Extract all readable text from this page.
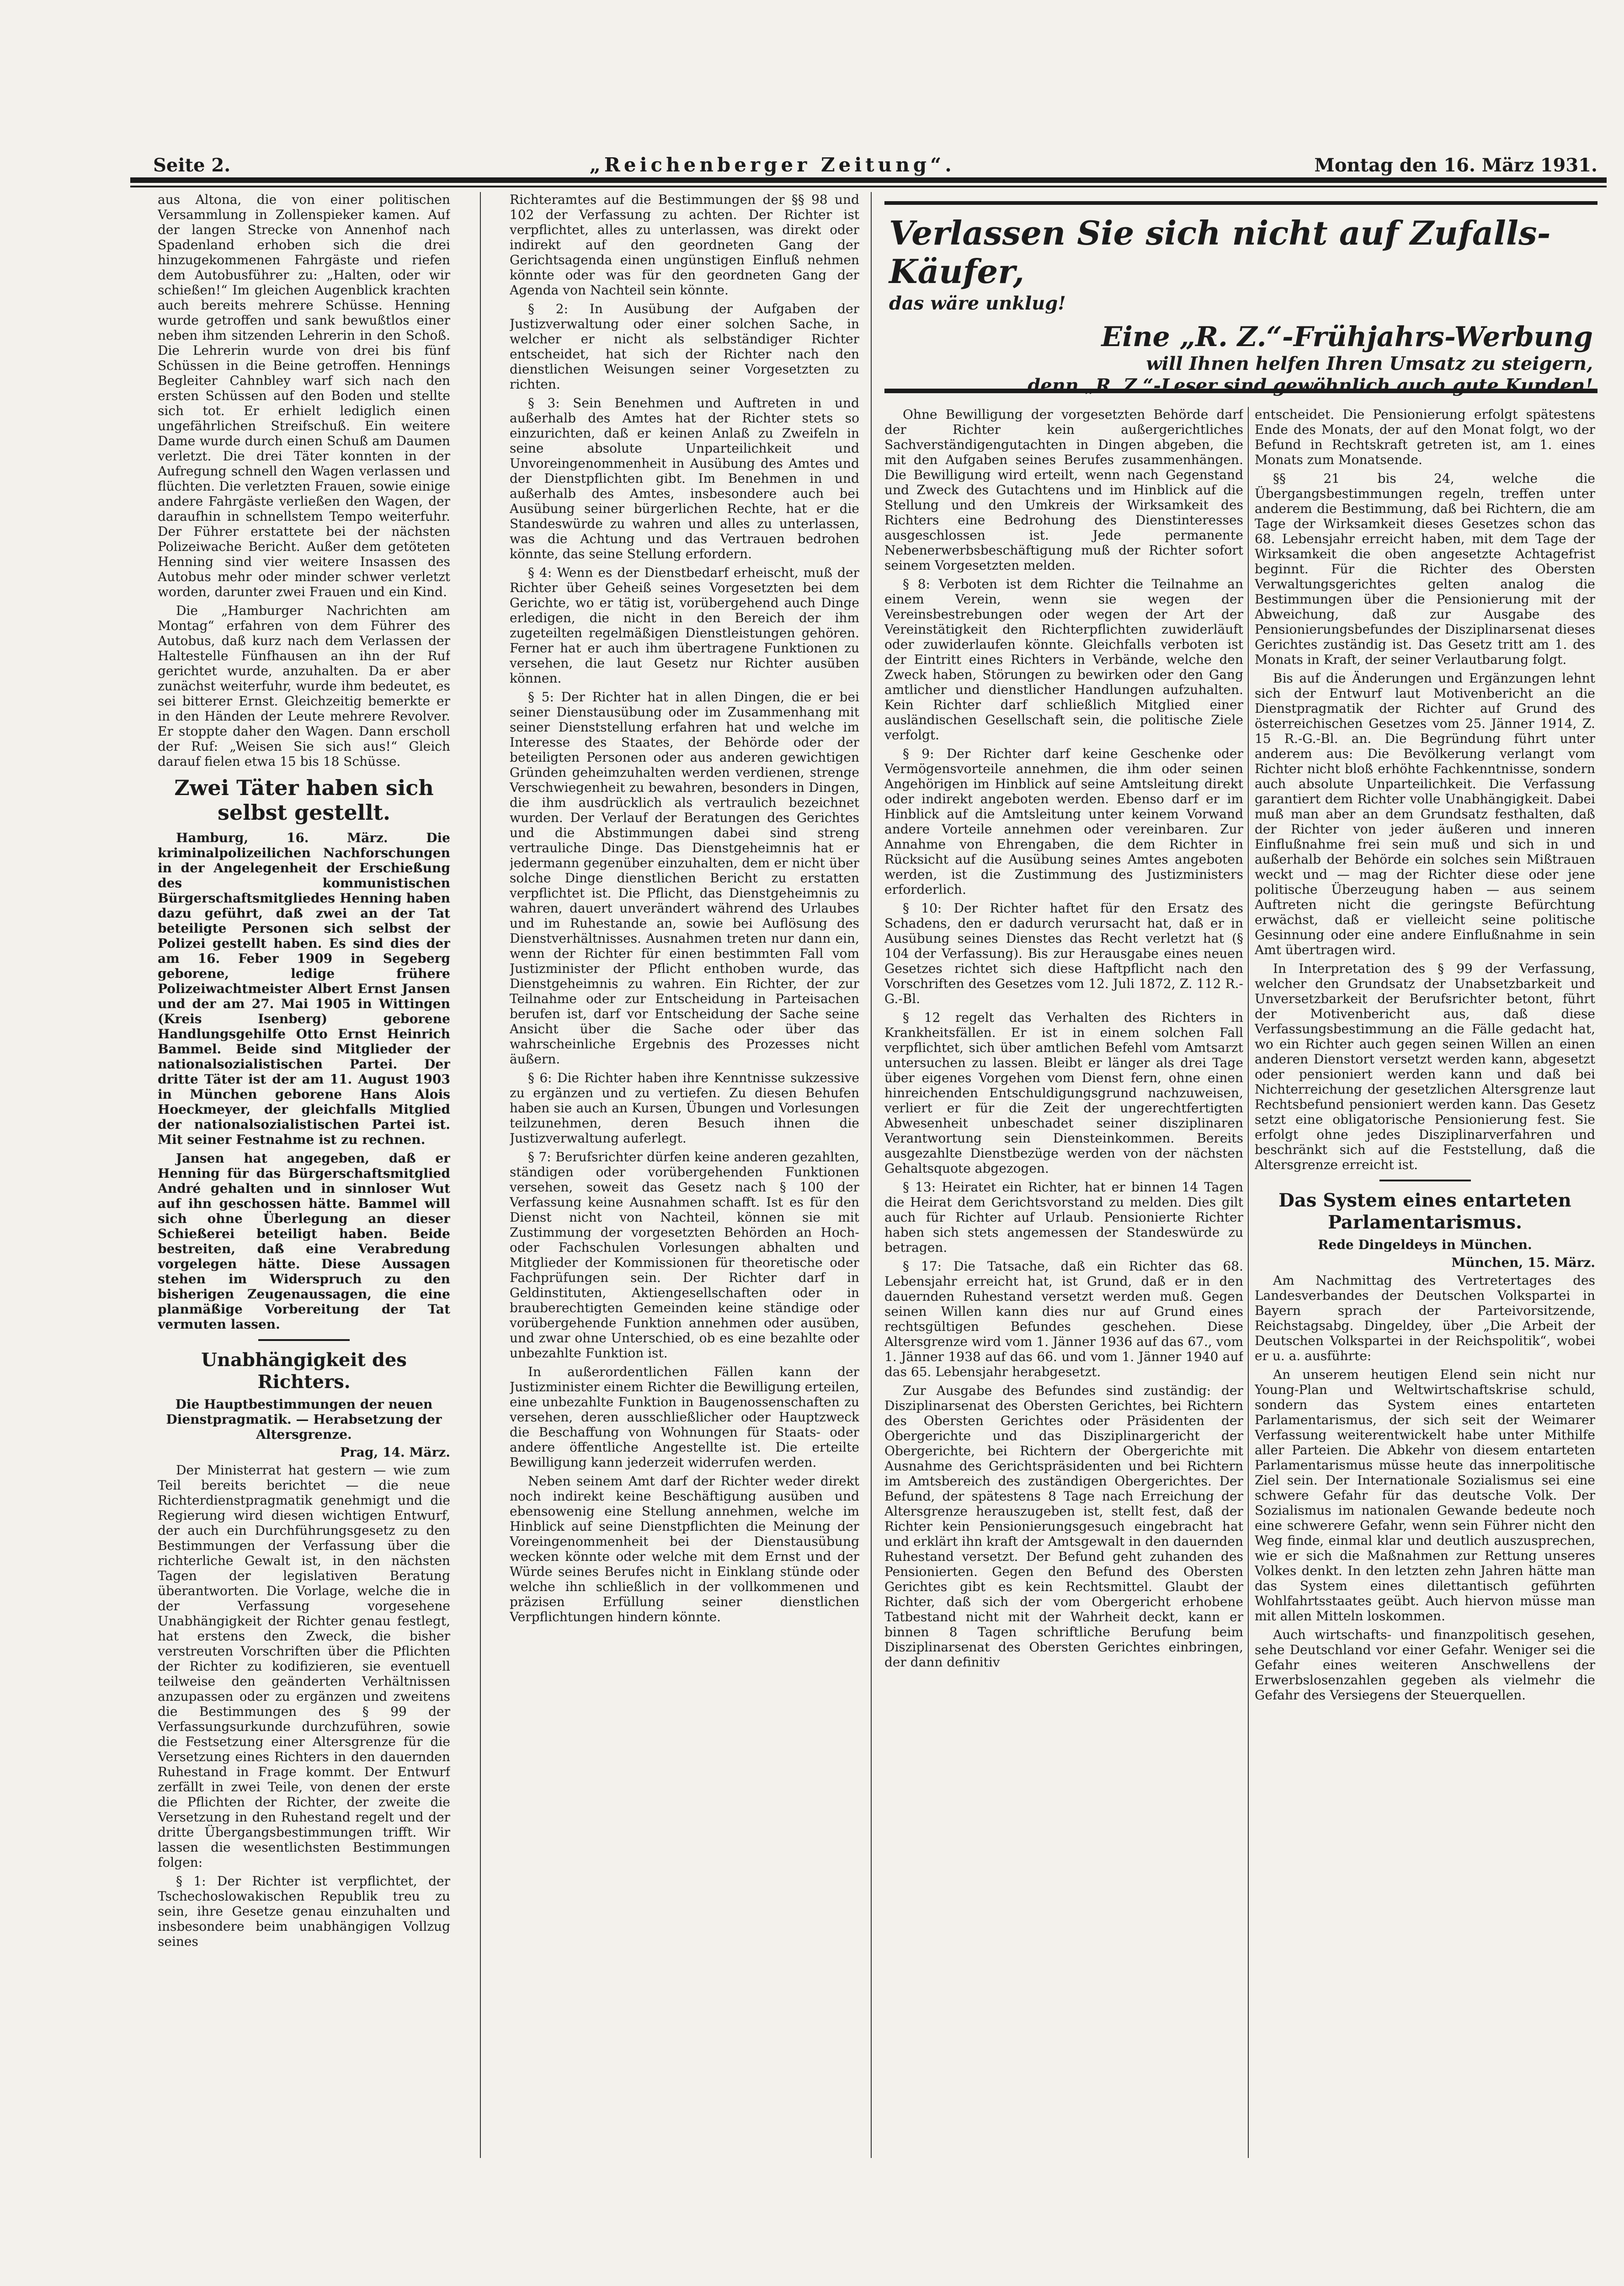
Seite 2.	„Reichenberger Zeitung“.	Montag den 16. März 1931.

aus Altona, die von einer politischen Versammlung in Zollenspieker kamen. Auf der langen Strecke von Annenhof nach Spadenland erhoben sich die drei hinzugekommenen Fahrgäste und riefen dem Autobusführer zu: „Halten, oder wir schießen!“ Im gleichen Augenblick krachten auch bereits mehrere Schüsse. Henning wurde getroffen und sank bewußtlos einer neben ihm sitzenden Lehrerin in den Schoß. Die Lehrerin wurde von drei bis fünf Schüssen in die Beine getroffen. Hennings Begleiter Cahnbley warf sich nach den ersten Schüssen auf den Boden und stellte sich tot. Er erhielt lediglich einen ungefährlichen Streifschuß. Ein weitere Dame wurde durch einen Schuß am Daumen verletzt. Die drei Täter konnten in der Aufregung schnell den Wagen verlassen und flüchten. Die verletzten Frauen, sowie einige andere Fahrgäste verließen den Wagen, der daraufhin in schnellstem Tempo weiterfuhr. Der Führer erstattete bei der nächsten Polizeiwache Bericht. Außer dem getöteten Henning sind vier weitere Insassen des Autobus mehr oder minder schwer verletzt worden, darunter zwei Frauen und ein Kind.

Die „Hamburger Nachrichten am Montag“ erfahren von dem Führer des Autobus, daß kurz nach dem Verlassen der Haltestelle Fünfhausen an ihn der Ruf gerichtet wurde, anzuhalten. Da er aber zunächst weiterfuhr, wurde ihm bedeutet, es sei bitterer Ernst. Gleichzeitig bemerkte er in den Händen der Leute mehrere Revolver. Er stoppte daher den Wagen. Dann erscholl der Ruf: „Weisen Sie sich aus!“ Gleich darauf fielen etwa 15 bis 18 Schüsse.

Zwei Täter haben sich selbst gestellt.

Hamburg, 16. März. Die kriminalpolizeilichen Nachforschungen in der Angelegenheit der Erschießung des kommunistischen Bürgerschaftsmitgliedes Henning haben dazu geführt, daß zwei an der Tat beteiligte Personen sich selbst der Polizei gestellt haben. Es sind dies der am 16. Feber 1909 in Segeberg geborene, ledige frühere Polizeiwachtmeister Albert Ernst Jansen und der am 27. Mai 1905 in Wittingen (Kreis Isenberg) geborene Handlungsgehilfe Otto Ernst Heinrich Bammel. Beide sind Mitglieder der nationalsozialistischen Partei. Der dritte Täter ist der am 11. August 1903 in München geborene Hans Alois Hoeckmeyer, der gleichfalls Mitglied der nationalsozialistischen Partei ist. Mit seiner Festnahme ist zu rechnen.

Jansen hat angegeben, daß er Henning für das Bürgerschaftsmitglied André gehalten und in sinnloser Wut auf ihn geschossen hätte. Bammel will sich ohne Überlegung an dieser Schießerei beteiligt haben. Beide bestreiten, daß eine Verabredung vorgelegen hätte. Diese Aussagen stehen im Widerspruch zu den bisherigen Zeugenaussagen, die eine planmäßige Vorbereitung der Tat vermuten lassen.

Unabhängigkeit des Richters.
Die Hauptbestimmungen der neuen Dienstpragmatik. — Herabsetzung der Altersgrenze.
Prag, 14. März.

Der Ministerrat hat gestern — wie zum Teil bereits berichtet — die neue Richterdienstpragmatik genehmigt und die Regierung wird diesen wichtigen Entwurf, der auch ein Durchführungsgesetz zu den Bestimmungen der Verfassung über die richterliche Gewalt ist, in den nächsten Tagen der legislativen Beratung überantworten. Die Vorlage, welche die in der Verfassung vorgesehene Unabhängigkeit der Richter genau festlegt, hat erstens den Zweck, die bisher verstreuten Vorschriften über die Pflichten der Richter zu kodifizieren, sie eventuell teilweise den geänderten Verhältnissen anzupassen oder zu ergänzen und zweitens die Bestimmungen des § 99 der Verfassungsurkunde durchzuführen, sowie die Festsetzung einer Altersgrenze für die Versetzung eines Richters in den dauernden Ruhestand in Frage kommt. Der Entwurf zerfällt in zwei Teile, von denen der erste die Pflichten der Richter, der zweite die Versetzung in den Ruhestand regelt und der dritte Übergangsbestimmungen trifft. Wir lassen die wesentlichsten Bestimmungen folgen:

§ 1: Der Richter ist verpflichtet, der Tschechoslowakischen Republik treu zu sein, ihre Gesetze genau einzuhalten und insbesondere beim unabhängigen Vollzug seines

Richteramtes auf die Bestimmungen der §§ 98 und 102 der Verfassung zu achten. Der Richter ist verpflichtet, alles zu unterlassen, was direkt oder indirekt auf den geordneten Gang der Gerichtsagenda einen ungünstigen Einfluß nehmen könnte oder was für den geordneten Gang der Agenda von Nachteil sein könnte.

§ 2: In Ausübung der Aufgaben der Justizverwaltung oder einer solchen Sache, in welcher er nicht als selbständiger Richter entscheidet, hat sich der Richter nach den dienstlichen Weisungen seiner Vorgesetzten zu richten.

§ 3: Sein Benehmen und Auftreten in und außerhalb des Amtes hat der Richter stets so einzurichten, daß er keinen Anlaß zu Zweifeln in seine absolute Unparteilichkeit und Unvoreingenommenheit in Ausübung des Amtes und der Dienstpflichten gibt. Im Benehmen in und außerhalb des Amtes, insbesondere auch bei Ausübung seiner bürgerlichen Rechte, hat er die Standeswürde zu wahren und alles zu unterlassen, was die Achtung und das Vertrauen bedrohen könnte, das seine Stellung erfordern.

§ 4: Wenn es der Dienstbedarf erheischt, muß der Richter über Geheiß seines Vorgesetzten bei dem Gerichte, wo er tätig ist, vorübergehend auch Dinge erledigen, die nicht in den Bereich der ihm zugeteilten regelmäßigen Dienstleistungen gehören. Ferner hat er auch ihm übertragene Funktionen zu versehen, die laut Gesetz nur Richter ausüben können.

§ 5: Der Richter hat in allen Dingen, die er bei seiner Dienstausübung oder im Zusammenhang mit seiner Dienststellung erfahren hat und welche im Interesse des Staates, der Behörde oder der beteiligten Personen oder aus anderen gewichtigen Gründen geheimzuhalten werden verdienen, strenge Verschwiegenheit zu bewahren, besonders in Dingen, die ihm ausdrücklich als vertraulich bezeichnet wurden. Der Verlauf der Beratungen des Gerichtes und die Abstimmungen dabei sind streng vertrauliche Dinge. Das Dienstgeheimnis hat er jedermann gegenüber einzuhalten, dem er nicht über solche Dinge dienstlichen Bericht zu erstatten verpflichtet ist. Die Pflicht, das Dienstgeheimnis zu wahren, dauert unverändert während des Urlaubes und im Ruhestande an, sowie bei Auflösung des Dienstverhältnisses. Ausnahmen treten nur dann ein, wenn der Richter für einen bestimmten Fall vom Justizminister der Pflicht enthoben wurde, das Dienstgeheimnis zu wahren. Ein Richter, der zur Teilnahme oder zur Entscheidung in Parteisachen berufen ist, darf vor Entscheidung der Sache seine Ansicht über die Sache oder über das wahrscheinliche Ergebnis des Prozesses nicht äußern.

§ 6: Die Richter haben ihre Kenntnisse sukzessive zu ergänzen und zu vertiefen. Zu diesen Behufen haben sie auch an Kursen, Übungen und Vorlesungen teilzunehmen, deren Besuch ihnen die Justizverwaltung auferlegt.

§ 7: Berufsrichter dürfen keine anderen gezahlten, ständigen oder vorübergehenden Funktionen versehen, soweit das Gesetz nach § 100 der Verfassung keine Ausnahmen schafft. Ist es für den Dienst nicht von Nachteil, können sie mit Zustimmung der vorgesetzten Behörden an Hoch- oder Fachschulen Vorlesungen abhalten und Mitglieder der Kommissionen für theoretische oder Fachprüfungen sein. Der Richter darf in Geldinstituten, Aktiengesellschaften oder in brauberechtigten Gemeinden keine ständige oder vorübergehende Funktion annehmen oder ausüben, und zwar ohne Unterschied, ob es eine bezahlte oder unbezahlte Funktion ist.

In außerordentlichen Fällen kann der Justizminister einem Richter die Bewilligung erteilen, eine unbezahlte Funktion in Baugenossenschaften zu versehen, deren ausschließlicher oder Hauptzweck die Beschaffung von Wohnungen für Staats- oder andere öffentliche Angestellte ist. Die erteilte Bewilligung kann jederzeit widerrufen werden.

Neben seinem Amt darf der Richter weder direkt noch indirekt keine Beschäftigung ausüben und ebensowenig eine Stellung annehmen, welche im Hinblick auf seine Dienstpflichten die Meinung der Voreingenommenheit bei der Dienstausübung wecken könnte oder welche mit dem Ernst und der Würde seines Berufes nicht in Einklang stünde oder welche ihn schließlich in der vollkommenen und präzisen Erfüllung seiner dienstlichen Verpflichtungen hindern könnte.

Verlassen Sie sich nicht auf Zufalls-Käufer,
das wäre unklug!
Eine „R. Z.“-Frühjahrs-Werbung
will Ihnen helfen Ihren Umsatz zu steigern,
denn „R. Z.“-Leser sind gewöhnlich auch gute Kunden!

Ohne Bewilligung der vorgesetzten Behörde darf der Richter kein außergerichtliches Sachverständigengutachten in Dingen abgeben, die mit den Aufgaben seines Berufes zusammenhängen. Die Bewilligung wird erteilt, wenn nach Gegenstand und Zweck des Gutachtens und im Hinblick auf die Stellung und den Umkreis der Wirksamkeit des Richters eine Bedrohung des Dienstinteresses ausgeschlossen ist. Jede permanente Nebenerwerbsbeschäftigung muß der Richter sofort seinem Vorgesetzten melden.

§ 8: Verboten ist dem Richter die Teilnahme an einem Verein, wenn sie wegen der Vereinsbestrebungen oder wegen der Art der Vereinstätigkeit den Richterpflichten zuwiderläuft oder zuwiderlaufen könnte. Gleichfalls verboten ist der Eintritt eines Richters in Verbände, welche den Zweck haben, Störungen zu bewirken oder den Gang amtlicher und dienstlicher Handlungen aufzuhalten. Kein Richter darf schließlich Mitglied einer ausländischen Gesellschaft sein, die politische Ziele verfolgt.

§ 9: Der Richter darf keine Geschenke oder Vermögensvorteile annehmen, die ihm oder seinen Angehörigen im Hinblick auf seine Amtsleitung direkt oder indirekt angeboten werden. Ebenso darf er im Hinblick auf die Amtsleitung unter keinem Vorwand andere Vorteile annehmen oder vereinbaren. Zur Annahme von Ehrengaben, die dem Richter in Rücksicht auf die Ausübung seines Amtes angeboten werden, ist die Zustimmung des Justizministers erforderlich.

§ 10: Der Richter haftet für den Ersatz des Schadens, den er dadurch verursacht hat, daß er in Ausübung seines Dienstes das Recht verletzt hat (§ 104 der Verfassung). Bis zur Herausgabe eines neuen Gesetzes richtet sich diese Haftpflicht nach den Vorschriften des Gesetzes vom 12. Juli 1872, Z. 112 R.-G.-Bl.

§ 12 regelt das Verhalten des Richters in Krankheitsfällen. Er ist in einem solchen Fall verpflichtet, sich über amtlichen Befehl vom Amtsarzt untersuchen zu lassen. Bleibt er länger als drei Tage über eigenes Vorgehen vom Dienst fern, ohne einen hinreichenden Entschuldigungsgrund nachzuweisen, verliert er für die Zeit der ungerechtfertigten Abwesenheit unbeschadet seiner disziplinaren Verantwortung sein Diensteinkommen. Bereits ausgezahlte Dienstbezüge werden von der nächsten Gehaltsquote abgezogen.

§ 13: Heiratet ein Richter, hat er binnen 14 Tagen die Heirat dem Gerichtsvorstand zu melden. Dies gilt auch für Richter auf Urlaub. Pensionierte Richter haben sich stets angemessen der Standeswürde zu betragen.

§ 17: Die Tatsache, daß ein Richter das 68. Lebensjahr erreicht hat, ist Grund, daß er in den dauernden Ruhestand versetzt werden muß. Gegen seinen Willen kann dies nur auf Grund eines rechtsgültigen Befundes geschehen. Diese Altersgrenze wird vom 1. Jänner 1936 auf das 67., vom 1. Jänner 1938 auf das 66. und vom 1. Jänner 1940 auf das 65. Lebensjahr herabgesetzt.

Zur Ausgabe des Befundes sind zuständig: der Disziplinarsenat des Obersten Gerichtes, bei Richtern des Obersten Gerichtes oder Präsidenten der Obergerichte und das Disziplinargericht der Obergerichte, bei Richtern der Obergerichte mit Ausnahme des Gerichtspräsidenten und bei Richtern im Amtsbereich des zuständigen Obergerichtes. Der Befund, der spätestens 8 Tage nach Erreichung der Altersgrenze herauszugeben ist, stellt fest, daß der Richter kein Pensionierungsgesuch eingebracht hat und erklärt ihn kraft der Amtsgewalt in den dauernden Ruhestand versetzt. Der Befund geht zuhanden des Pensionierten. Gegen den Befund des Obersten Gerichtes gibt es kein Rechtsmittel. Glaubt der Richter, daß sich der vom Obergericht erhobene Tatbestand nicht mit der Wahrheit deckt, kann er binnen 8 Tagen schriftliche Berufung beim Disziplinarsenat des Obersten Gerichtes einbringen, der dann definitiv

entscheidet. Die Pensionierung erfolgt spätestens Ende des Monats, der auf den Monat folgt, wo der Befund in Rechtskraft getreten ist, am 1. eines Monats zum Monatsende.

§§ 21 bis 24, welche die Übergangsbestimmungen regeln, treffen unter anderem die Bestimmung, daß bei Richtern, die am Tage der Wirksamkeit dieses Gesetzes schon das 68. Lebensjahr erreicht haben, mit dem Tage der Wirksamkeit die oben angesetzte Achtagefrist beginnt. Für die Richter des Obersten Verwaltungsgerichtes gelten analog die Bestimmungen über die Pensionierung mit der Abweichung, daß zur Ausgabe des Pensionierungsbefundes der Disziplinarsenat dieses Gerichtes zuständig ist. Das Gesetz tritt am 1. des Monats in Kraft, der seiner Verlautbarung folgt.

Bis auf die Änderungen und Ergänzungen lehnt sich der Entwurf laut Motivenbericht an die Dienstpragmatik der Richter auf Grund des österreichischen Gesetzes vom 25. Jänner 1914, Z. 15 R.-G.-Bl. an. Die Begründung führt unter anderem aus: Die Bevölkerung verlangt vom Richter nicht bloß erhöhte Fachkenntnisse, sondern auch absolute Unparteilichkeit. Die Verfassung garantiert dem Richter volle Unabhängigkeit. Dabei muß man aber an dem Grundsatz festhalten, daß der Richter von jeder äußeren und inneren Einflußnahme frei sein muß und sich in und außerhalb der Behörde ein solches sein Mißtrauen weckt und — mag der Richter diese oder jene politische Überzeugung haben — aus seinem Auftreten nicht die geringste Befürchtung erwächst, daß er vielleicht seine politische Gesinnung oder eine andere Einflußnahme in sein Amt übertragen wird.

In Interpretation des § 99 der Verfassung, welcher den Grundsatz der Unabsetzbarkeit und Unversetzbarkeit der Berufsrichter betont, führt der Motivenbericht aus, daß diese Verfassungsbestimmung an die Fälle gedacht hat, wo ein Richter auch gegen seinen Willen an einen anderen Dienstort versetzt werden kann, abgesetzt oder pensioniert werden kann und daß bei Nichterreichung der gesetzlichen Altersgrenze laut Rechtsbefund pensioniert werden kann. Das Gesetz setzt eine obligatorische Pensionierung fest. Sie erfolgt ohne jedes Disziplinarverfahren und beschränkt sich auf die Feststellung, daß die Altersgrenze erreicht ist.

Das System eines entarteten Parlamentarismus.
Rede Dingeldeys in München.
München, 15. März.

Am Nachmittag des Vertretertages des Landesverbandes der Deutschen Volkspartei in Bayern sprach der Parteivorsitzende, Reichstagsabg. Dingeldey, über „Die Arbeit der Deutschen Volkspartei in der Reichspolitik“, wobei er u. a. ausführte:

An unserem heutigen Elend sein nicht nur Young-Plan und Weltwirtschaftskrise schuld, sondern das System eines entarteten Parlamentarismus, der sich seit der Weimarer Verfassung weiterentwickelt habe unter Mithilfe aller Parteien. Die Abkehr von diesem entarteten Parlamentarismus müsse heute das innerpolitische Ziel sein. Der Internationale Sozialismus sei eine schwere Gefahr für das deutsche Volk. Der Sozialismus im nationalen Gewande bedeute noch eine schwerere Gefahr, wenn sein Führer nicht den Weg finde, einmal klar und deutlich auszusprechen, wie er sich die Maßnahmen zur Rettung unseres Volkes denkt. In den letzten zehn Jahren hätte man das System eines dilettantisch geführten Wohlfahrtsstaates geübt. Auch hiervon müsse man mit allen Mitteln loskommen.

Auch wirtschafts- und finanzpolitisch gesehen, sehe Deutschland vor einer Gefahr. Weniger sei die Gefahr eines weiteren Anschwellens der Erwerbslosenzahlen gegeben als vielmehr die Gefahr des Versiegens der Steuerquellen.
